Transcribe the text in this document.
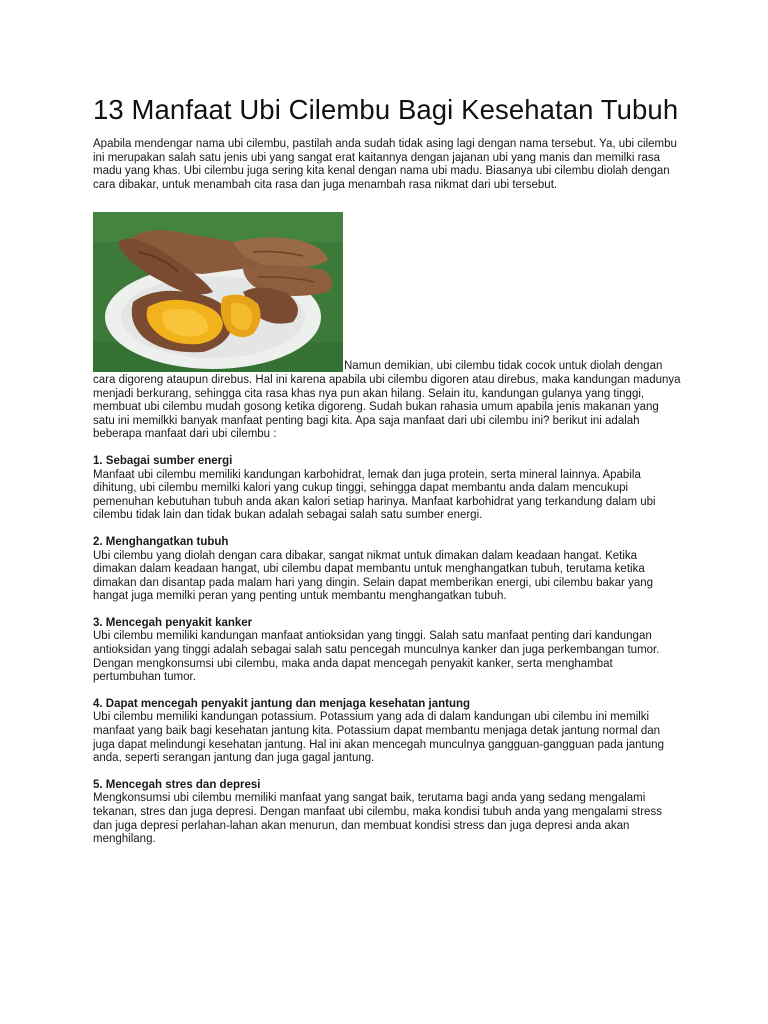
13 Manfaat Ubi Cilembu Bagi Kesehatan Tubuh

Apabila mendengar nama ubi cilembu, pastilah anda sudah tidak asing lagi dengan nama tersebut. Ya, ubi cilembu ini merupakan salah satu jenis ubi yang sangat erat kaitannya dengan jajanan ubi yang manis dan memilki rasa madu yang khas. Ubi cilembu juga sering kita kenal dengan nama ubi madu. Biasanya ubi cilembu diolah dengan cara dibakar, untuk menambah cita rasa dan juga menambah rasa nikmat dari ubi tersebut.

Namun demikian, ubi cilembu tidak cocok untuk diolah dengan cara digoreng ataupun direbus. Hal ini karena apabila ubi cilembu digoren atau direbus, maka kandungan madunya menjadi berkurang, sehingga cita rasa khas nya pun akan hilang. Selain itu, kandungan gulanya yang tinggi, membuat ubi cilembu mudah gosong ketika digoreng. Sudah bukan rahasia umum apabila jenis makanan yang satu ini memilkki banyak manfaat penting bagi kita. Apa saja manfaat dari ubi cilembu ini? berikut ini adalah beberapa manfaat dari ubi cilembu :

1. Sebagai sumber energi

Manfaat ubi cilembu memiliki kandungan karbohidrat, lemak dan juga protein, serta mineral lainnya. Apabila dihitung, ubi cilembu memilki kalori yang cukup tinggi, sehingga dapat membantu anda dalam mencukupi pemenuhan kebutuhan tubuh anda akan kalori setiap harinya. Manfaat karbohidrat yang terkandung dalam ubi cilembu tidak lain dan tidak bukan adalah sebagai salah satu sumber energi.

2. Menghangatkan tubuh

Ubi cilembu yang diolah dengan cara dibakar, sangat nikmat untuk dimakan dalam keadaan hangat. Ketika dimakan dalam keadaan hangat, ubi cilembu dapat membantu untuk menghangatkan tubuh, terutama ketika dimakan dan disantap pada malam hari yang dingin. Selain dapat memberikan energi, ubi cilembu bakar yang hangat juga memilki peran yang penting untuk membantu menghangatkan tubuh.

3. Mencegah penyakit kanker

Ubi cilembu memiliki kandungan manfaat antioksidan yang tinggi. Salah satu manfaat penting dari kandungan antioksidan yang tinggi adalah sebagai salah satu pencegah munculnya kanker dan juga perkembangan tumor. Dengan mengkonsumsi ubi cilembu, maka anda dapat mencegah penyakit kanker, serta menghambat pertumbuhan tumor.

4. Dapat mencegah penyakit jantung dan menjaga kesehatan jantung

Ubi cilembu memiliki kandungan potassium. Potassium yang ada di dalam kandungan ubi cilembu ini memilki manfaat yang baik bagi kesehatan jantung kita. Potassium dapat membantu menjaga detak jantung normal dan juga dapat melindungi kesehatan jantung. Hal ini akan mencegah munculnya gangguan-gangguan pada jantung anda, seperti serangan jantung dan juga gagal jantung.

5. Mencegah stres dan depresi

Mengkonsumsi ubi cilembu memiliki manfaat yang sangat baik, terutama bagi anda yang sedang mengalami tekanan, stres dan juga depresi. Dengan manfaat ubi cilembu, maka kondisi tubuh anda yang mengalami stress dan juga depresi perlahan-lahan akan menurun, dan membuat kondisi stress dan juga depresi anda akan menghilang.
